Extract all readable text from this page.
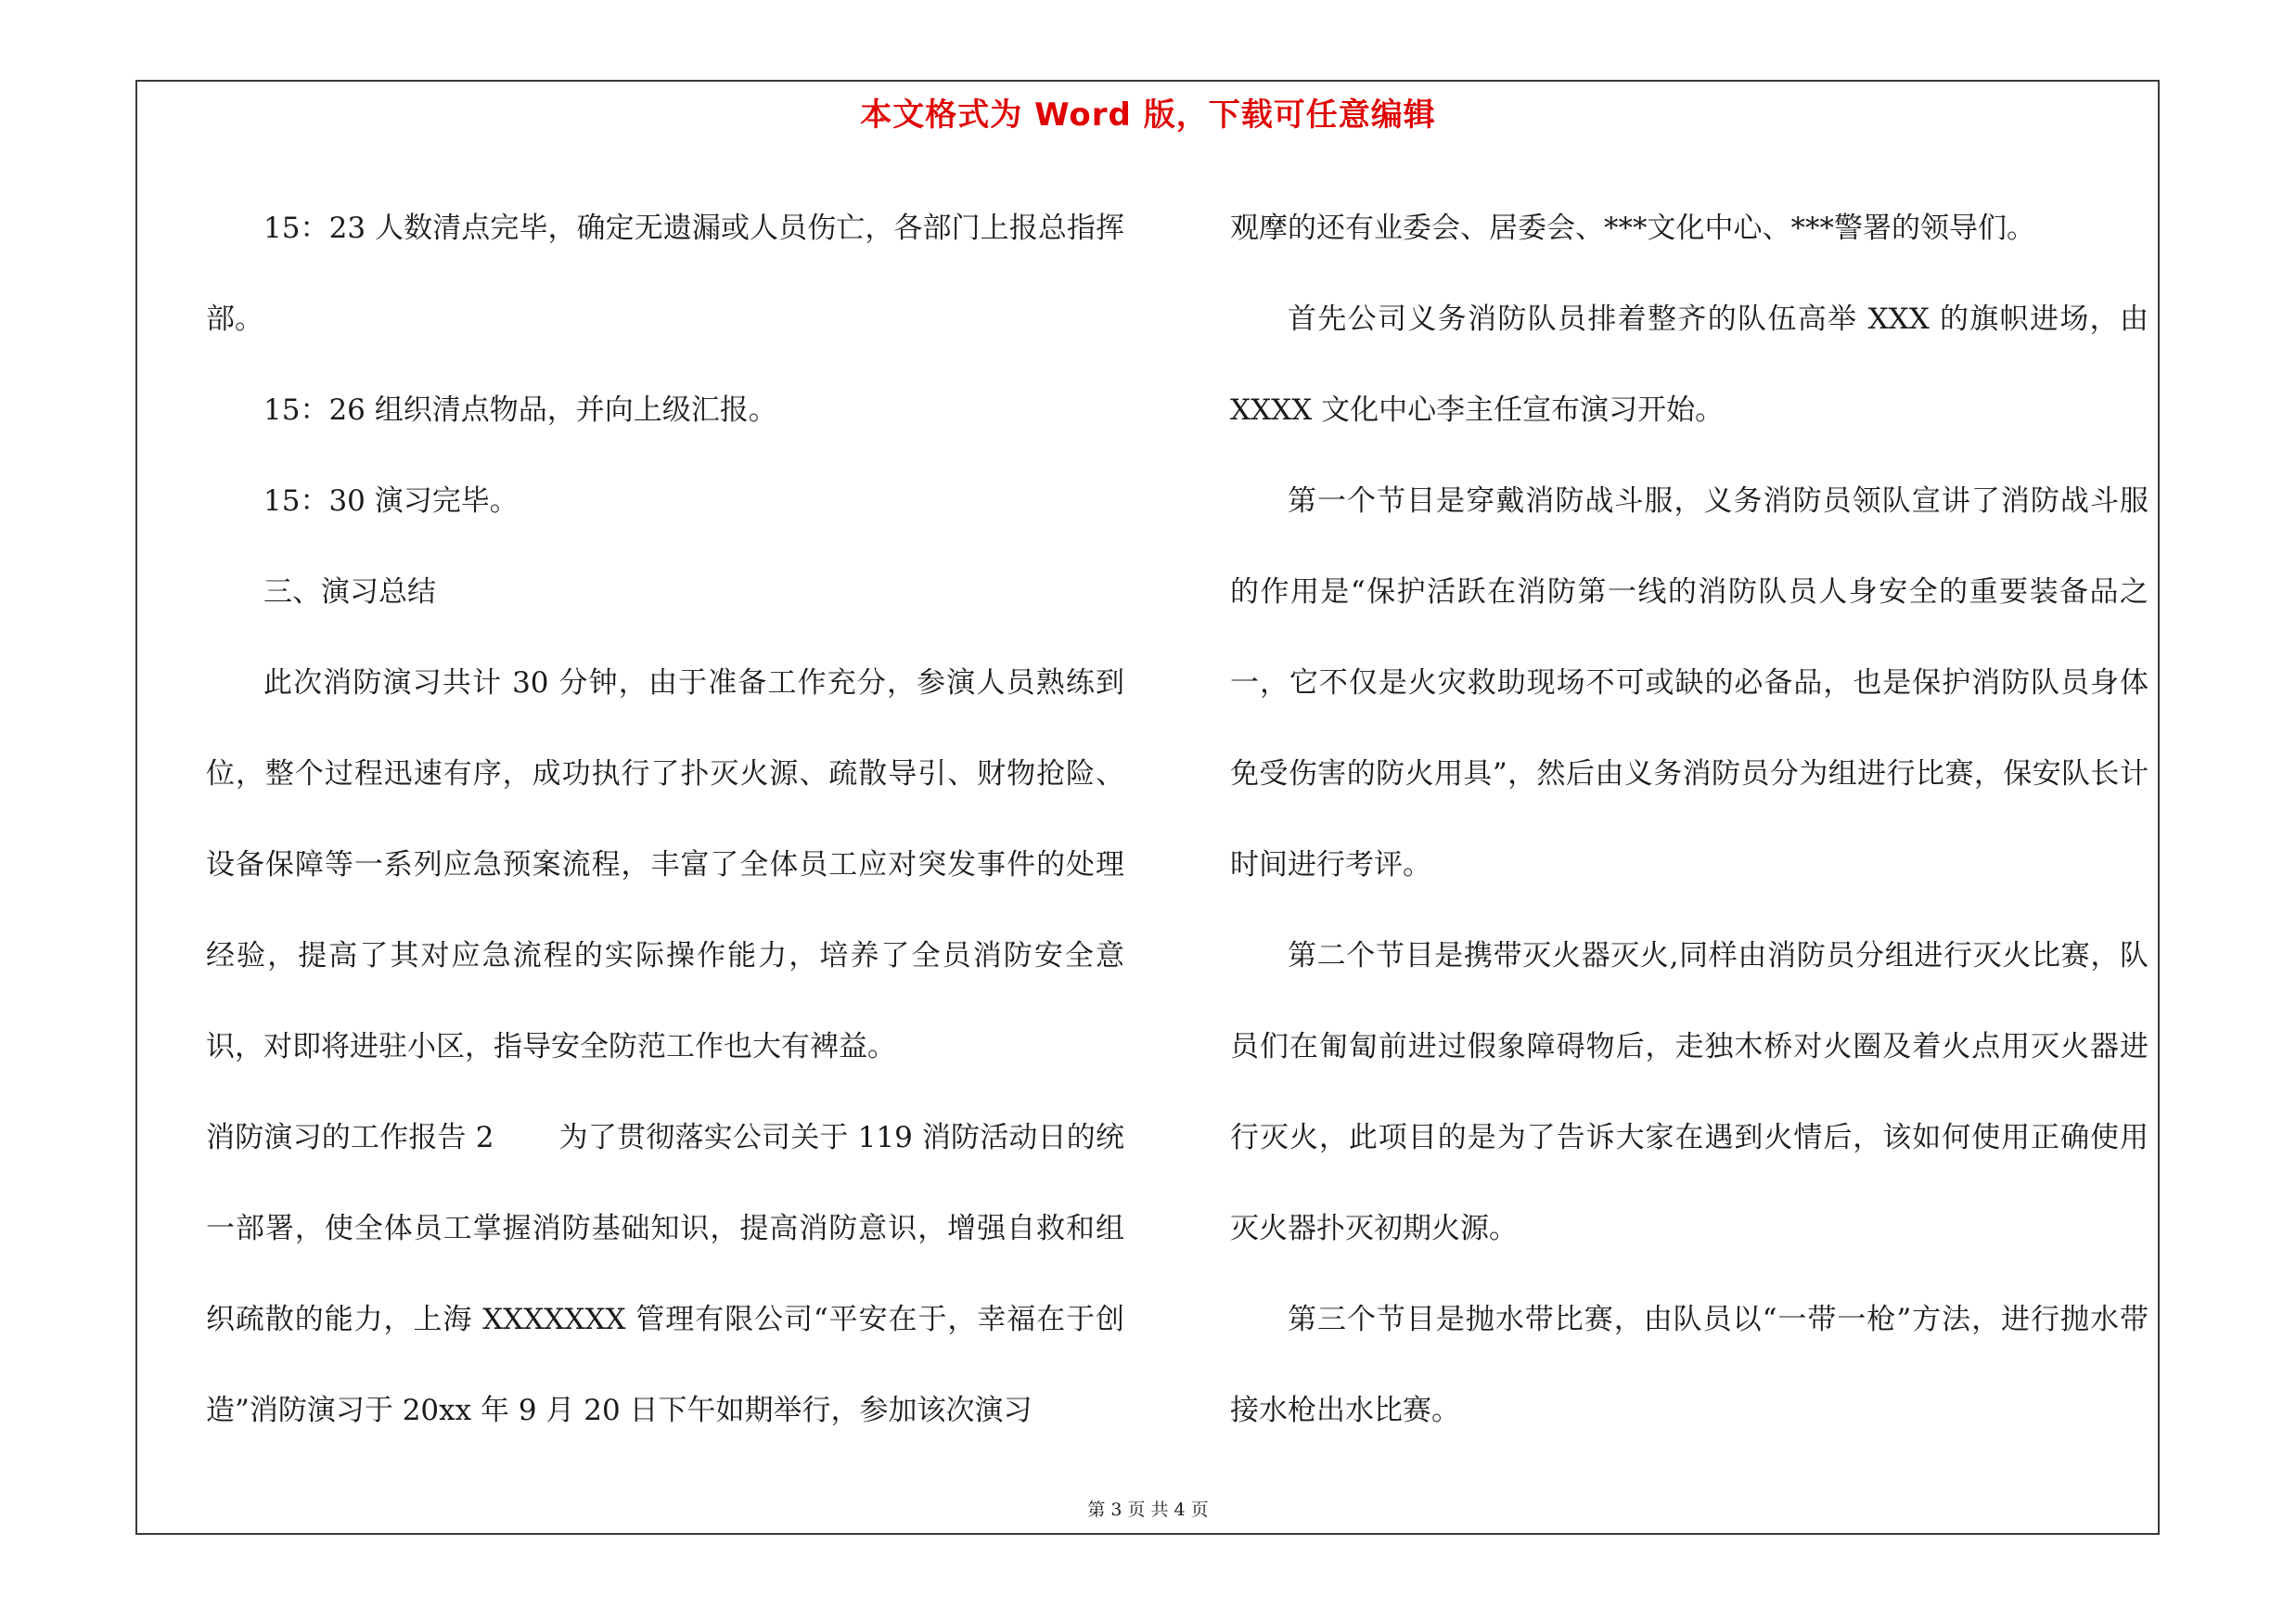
本文格式为 Word 版，下载可任意编辑

15：23 人数清点完毕，确定无遗漏或人员伤亡，各部门上报总指挥部。

15：26 组织清点物品，并向上级汇报。

15：30 演习完毕。

三、演习总结

此次消防演习共计 30 分钟，由于准备工作充分，参演人员熟练到位，整个过程迅速有序，成功执行了扑灭火源、疏散导引、财物抢险、设备保障等一系列应急预案流程，丰富了全体员工应对突发事件的处理经验，提高了其对应急流程的实际操作能力，培养了全员消防安全意识，对即将进驻小区，指导安全防范工作也大有裨益。

消防演习的工作报告 2 为了贯彻落实公司关于 119 消防活动日的统一部署，使全体员工掌握消防基础知识，提高消防意识，增强自救和组织疏散的能力，上海 XXXXXXX 管理有限公司“平安在于，幸福在于创造”消防演习于 20xx 年 9 月 20 日下午如期举行，参加该次演习

观摩的还有业委会、居委会、***文化中心、***警署的领导们。

首先公司义务消防队员排着整齐的队伍高举 XXX 的旗帜进场，由 XXXX 文化中心李主任宣布演习开始。

第一个节目是穿戴消防战斗服，义务消防员领队宣讲了消防战斗服的作用是“保护活跃在消防第一线的消防队员人身安全的重要装备品之一，它不仅是火灾救助现场不可或缺的必备品，也是保护消防队员身体免受伤害的防火用具”，然后由义务消防员分为组进行比赛，保安队长计时间进行考评。

第二个节目是携带灭火器灭火,同样由消防员分组进行灭火比赛，队员们在匍匐前进过假象障碍物后，走独木桥对火圈及着火点用灭火器进行灭火，此项目的是为了告诉大家在遇到火情后，该如何使用正确使用灭火器扑灭初期火源。

第三个节目是抛水带比赛，由队员以“一带一枪”方法，进行抛水带接水枪出水比赛。

第 3 页 共 4 页
